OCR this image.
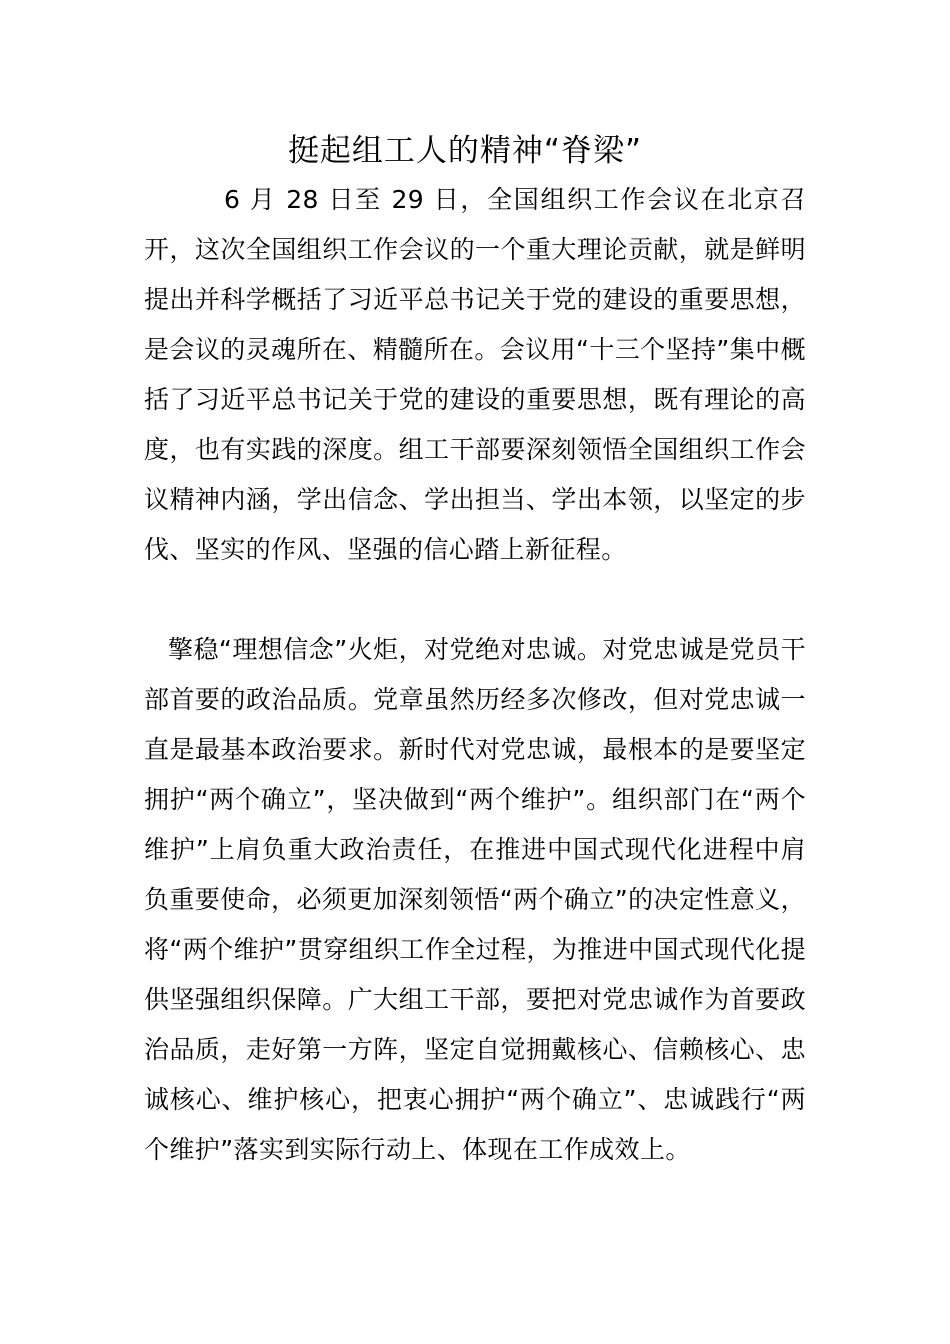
挺起组工人的精神“脊梁”

6 月 28 日至 29 日，全国组织工作会议在北京召开，这次全国组织工作会议的一个重大理论贡献，就是鲜明提出并科学概括了习近平总书记关于党的建设的重要思想，是会议的灵魂所在、精髓所在。会议用“十三个坚持”集中概括了习近平总书记关于党的建设的重要思想，既有理论的高度，也有实践的深度。组工干部要深刻领悟全国组织工作会议精神内涵，学出信念、学出担当、学出本领，以坚定的步伐、坚实的作风、坚强的信心踏上新征程。

擎稳“理想信念”火炬，对党绝对忠诚。对党忠诚是党员干部首要的政治品质。党章虽然历经多次修改，但对党忠诚一直是最基本政治要求。新时代对党忠诚，最根本的是要坚定拥护“两个确立”，坚决做到“两个维护”。组织部门在“两个维护”上肩负重大政治责任，在推进中国式现代化进程中肩负重要使命，必须更加深刻领悟“两个确立”的决定性意义，将“两个维护”贯穿组织工作全过程，为推进中国式现代化提供坚强组织保障。广大组工干部，要把对党忠诚作为首要政治品质，走好第一方阵，坚定自觉拥戴核心、信赖核心、忠诚核心、维护核心，把衷心拥护“两个确立”、忠诚践行“两个维护”落实到实际行动上、体现在工作成效上。
